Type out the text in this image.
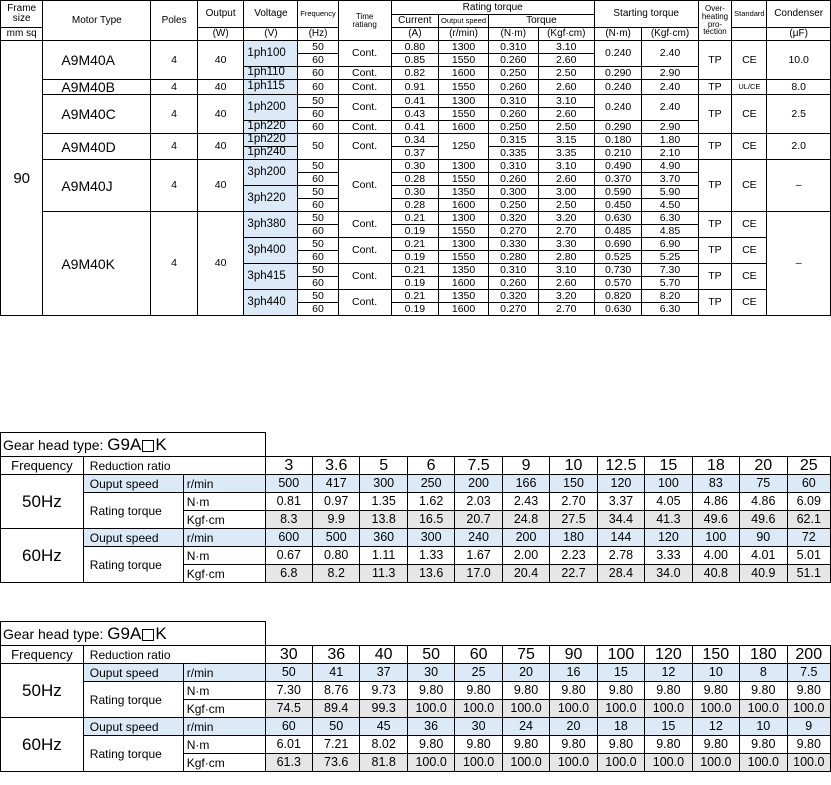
Frame
size	Motor Type	Poles	Output	Voltage	Frequency	Time
ratiang	Rating torque				Starting torque		Over-
heating
pro-
tection	Standard	Condenser
							Current	Output speed	Torque						
mm sq			(W)	(V)	(Hz)		(A)	(r/min)	(N·m)	(Kgf·cm)	(N·m)	(Kgf·cm)			(μF)
90	A9M40A	4	40	1ph100	50	Cont.	0.80	1300	0.310	3.10	0.240	2.40	TP	CE	10.0
					60		0.85	1550	0.260	2.60					
				1ph110	60	Cont.	0.82	1600	0.250	2.50	0.290	2.90			
	A9M40B	4	40	1ph115	60	Cont.	0.91	1550	0.260	2.60	0.240	2.40	TP	UL/CE	8.0
	A9M40C	4	40	1ph200	50	Cont.	0.41	1300	0.310	3.10	0.240	2.40	TP	CE	2.5
					60		0.43	1550	0.260	2.60					
				1ph220	60	Cont.	0.41	1600	0.250	2.50	0.290	2.90			
	A9M40D	4	40	1ph220	50	Cont.	0.34	1250	0.315	3.15	0.180	1.80	TP	CE	2.0
				1ph240			0.37		0.335	3.35	0.210	2.10			
	A9M40J	4	40	3ph200	50	Cont.	0.30	1300	0.310	3.10	0.490	4.90	TP	CE	–
					60		0.28	1550	0.260	2.60	0.370	3.70			
				3ph220	50		0.30	1350	0.300	3.00	0.590	5.90			
					60		0.28	1600	0.250	2.50	0.450	4.50			
	A9M40K	4	40	3ph380	50	Cont.	0.21	1300	0.320	3.20	0.630	6.30	TP	CE	–
					60		0.19	1550	0.270	2.70	0.485	4.85			
				3ph400	50	Cont.	0.21	1300	0.330	3.30	0.690	6.90	TP	CE	
					60		0.19	1550	0.280	2.80	0.525	5.25			
				3ph415	50	Cont.	0.21	1350	0.310	3.10	0.730	7.30	TP	CE	
					60		0.19	1600	0.260	2.60	0.570	5.70			
				3ph440	50	Cont.	0.21	1350	0.320	3.20	0.820	8.20	TP	CE	
					60		0.19	1600	0.270	2.70	0.630	6.30			
Gear head type: G9A K														
Frequency	Reduction ratio		3	3.6	5	6	7.5	9	10	12.5	15	18	20	25
50Hz	Ouput speed	r/min	500	417	300	250	200	166	150	120	100	83	75	60
	Rating torque	N·m	0.81	0.97	1.35	1.62	2.03	2.43	2.70	3.37	4.05	4.86	4.86	6.09
		Kgf·cm	8.3	9.9	13.8	16.5	20.7	24.8	27.5	34.4	41.3	49.6	49.6	62.1
60Hz	Ouput speed	r/min	600	500	360	300	240	200	180	144	120	100	90	72
	Rating torque	N·m	0.67	0.80	1.11	1.33	1.67	2.00	2.23	2.78	3.33	4.00	4.01	5.01
		Kgf·cm	6.8	8.2	11.3	13.6	17.0	20.4	22.7	28.4	34.0	40.8	40.9	51.1
Gear head type: G9A K														
Frequency	Reduction ratio		30	36	40	50	60	75	90	100	120	150	180	200
50Hz	Ouput speed	r/min	50	41	37	30	25	20	16	15	12	10	8	7.5
	Rating torque	N·m	7.30	8.76	9.73	9.80	9.80	9.80	9.80	9.80	9.80	9.80	9.80	9.80
		Kgf·cm	74.5	89.4	99.3	100.0	100.0	100.0	100.0	100.0	100.0	100.0	100.0	100.0
60Hz	Ouput speed	r/min	60	50	45	36	30	24	20	18	15	12	10	9
	Rating torque	N·m	6.01	7.21	8.02	9.80	9.80	9.80	9.80	9.80	9.80	9.80	9.80	9.80
		Kgf·cm	61.3	73.6	81.8	100.0	100.0	100.0	100.0	100.0	100.0	100.0	100.0	100.0
